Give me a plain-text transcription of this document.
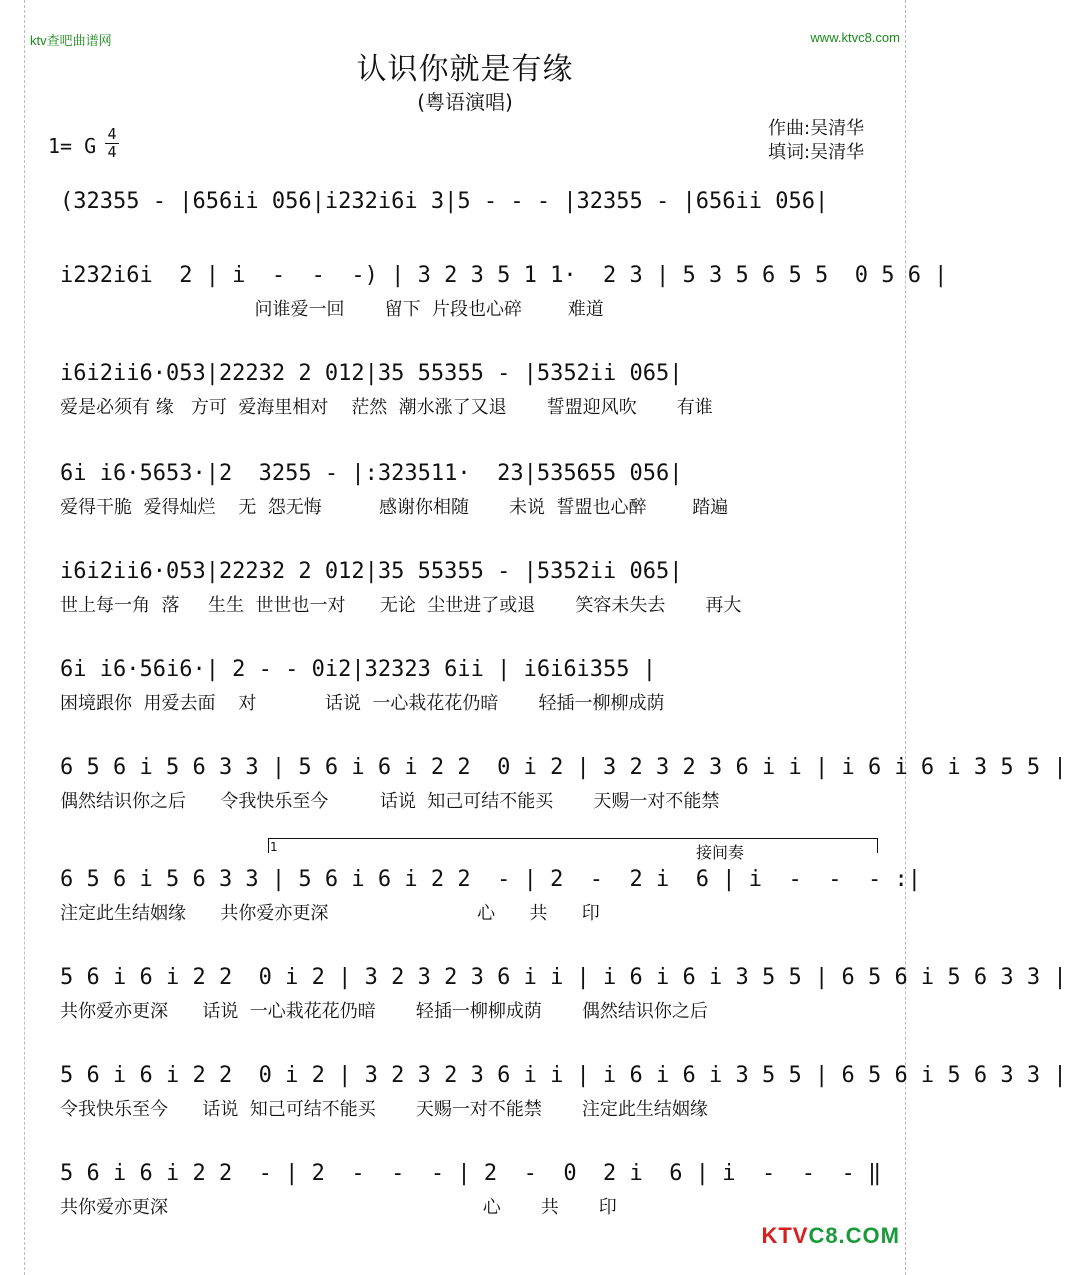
ktv查吧曲谱网	www.ktvc8.com
认识你就是有缘
(粤语演唱)
1= G 4
4
作曲:吴清华
填词:吴清华
(32355 - |656ii 056|i232i6i 3|5 - - - |32355 - |656ii 056|
i232i6i  2 | i  -  -  -) | 3 2 3 5 1 1·  2 3 | 5 3 5 6 5 5  0 5 6 |
问谁爱一回       留下  片段也心碎        难道
i6i2ii6·053|22232 2 012|35 55355 - |5352ii 065|
爱是必须有 缘   方可  爱海里相对    茫然  潮水涨了又退       誓盟迎风吹       有谁
6i i6·5653·|2  3255 - |:323511·  23|535655 056|
爱得干脆  爱得灿烂    无  怨无悔          感谢你相随       未说  誓盟也心醉        踏遍
i6i2ii6·053|22232 2 012|35 55355 - |5352ii 065|
世上每一角  落     生生  世世也一对      无论  尘世进了或退       笑容未失去       再大
6i i6·56i6·| 2 - - 0i2|32323 6ii | i6i6i355 |
困境跟你  用爱去面    对            话说  一心栽花花仍暗       轻插一柳柳成荫
6 5 6 i 5 6 3 3 | 5 6 i 6 i 2 2  0 i 2 | 3 2 3 2 3 6 i i | i 6 i 6 i 3 5 5 |
偶然结识你之后      令我快乐至今         话说  知己可结不能买       天赐一对不能禁
1	接间奏
6 5 6 i 5 6 3 3 | 5 6 i 6 i 2 2  - | 2  -  2 i  6 | i  -  -  - :|
注定此生结姻缘      共你爱亦更深                          心      共      印
5 6 i 6 i 2 2  0 i 2 | 3 2 3 2 3 6 i i | i 6 i 6 i 3 5 5 | 6 5 6 i 5 6 3 3 |
共你爱亦更深      话说  一心栽花花仍暗       轻插一柳柳成荫       偶然结识你之后
5 6 i 6 i 2 2  0 i 2 | 3 2 3 2 3 6 i i | i 6 i 6 i 3 5 5 | 6 5 6 i 5 6 3 3 |
令我快乐至今      话说  知己可结不能买       天赐一对不能禁       注定此生结姻缘
5 6 i 6 i 2 2  - | 2  -  -  - | 2  -  0  2 i  6 | i  -  -  - ‖
共你爱亦更深                                                       心       共       印
KTVC8.COM
